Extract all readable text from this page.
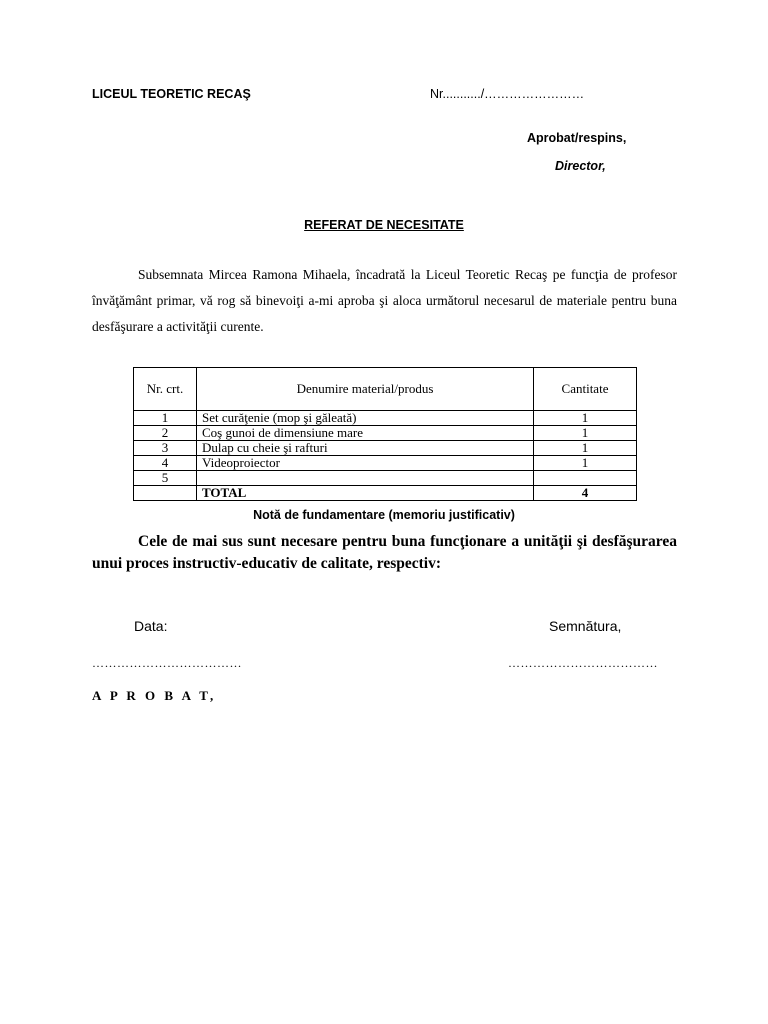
LICEUL TEORETIC RECAŞ	Nr.........../……………………
Aprobat/respins,
Director,
REFERAT DE NECESITATE
Subsemnata Mircea Ramona Mihaela, încadrată la Liceul Teoretic Recaş pe funcţia de profesor învăţământ primar, vă rog să binevoiţi a-mi aproba şi aloca următorul necesarul de materiale pentru buna desfăşurare a activităţii curente.
Nr. crt.	Denumire material/produs	Cantitate
1	Set curăţenie (mop şi găleată)	1
2	Coş gunoi de dimensiune mare	1
3	Dulap cu cheie şi rafturi	1
4	Videoproiector	1
5		
	TOTAL	4
Notă de fundamentare (memoriu justificativ)
Cele de mai sus sunt necesare pentru buna funcţionare a unităţii şi desfăşurarea unui proces instructiv-educativ de calitate, respectiv:
Data:	Semnătura,
………………………………	………………………………
A P R O B A T,
